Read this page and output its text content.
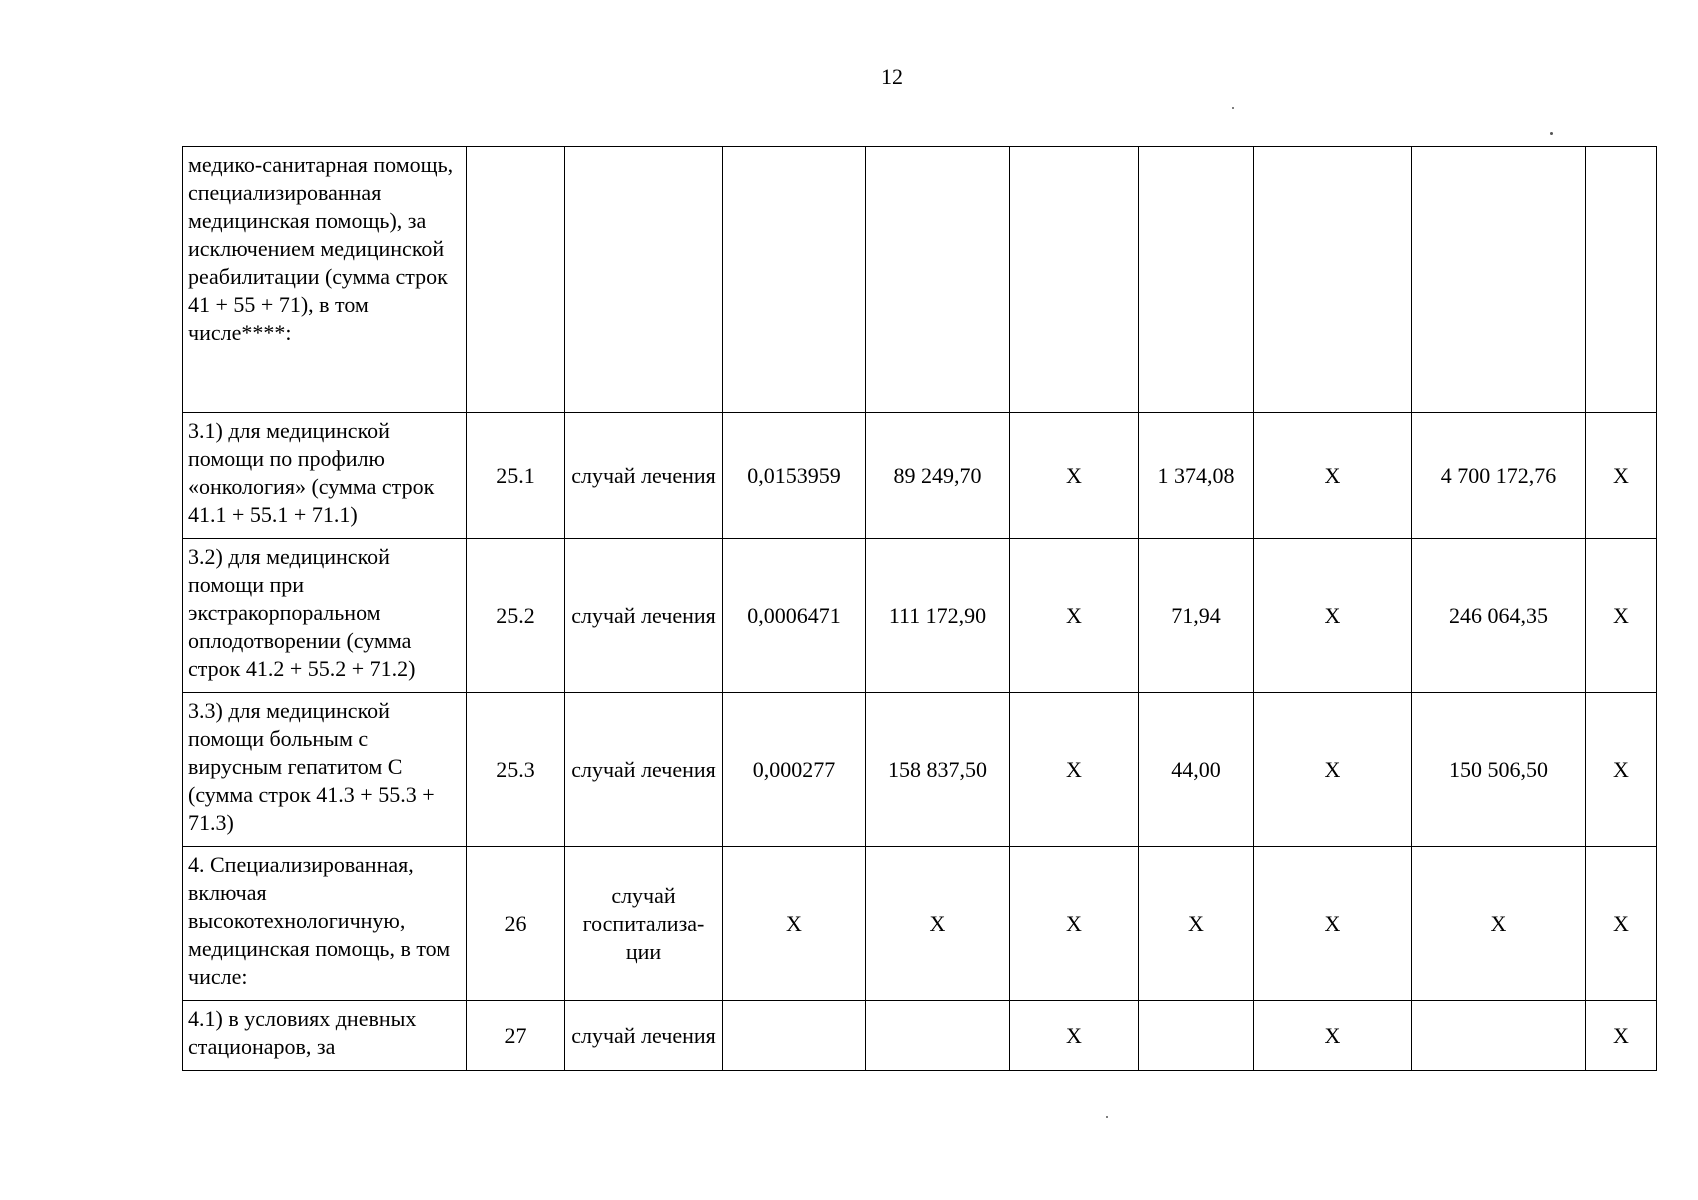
12
медико-санитарная помощь, специализированная медицинская помощь), за исключением медицинской реабилитации (сумма строк 41 + 55 + 71), в том числе****:									
3.1) для медицинской помощи по профилю «онкология» (сумма строк 41.1 + 55.1 + 71.1)	25.1	случай лечения	0,0153959	89 249,70	Х	1 374,08	Х	4 700 172,76	Х
3.2) для медицинской помощи при экстракорпоральном оплодотворении (сумма строк 41.2 + 55.2 + 71.2)	25.2	случай лечения	0,0006471	111 172,90	Х	71,94	Х	246 064,35	Х
3.3) для медицинской помощи больным с вирусным гепатитом С (сумма строк 41.3 + 55.3 + 71.3)	25.3	случай лечения	0,000277	158 837,50	Х	44,00	Х	150 506,50	Х
4. Специализированная, включая высокотехнологичную, медицинская помощь, в том числе:	26	случай госпитализа-ции	Х	Х	Х	Х	Х	Х	Х
4.1) в условиях дневных стационаров, за	27	случай лечения			Х		Х		Х
